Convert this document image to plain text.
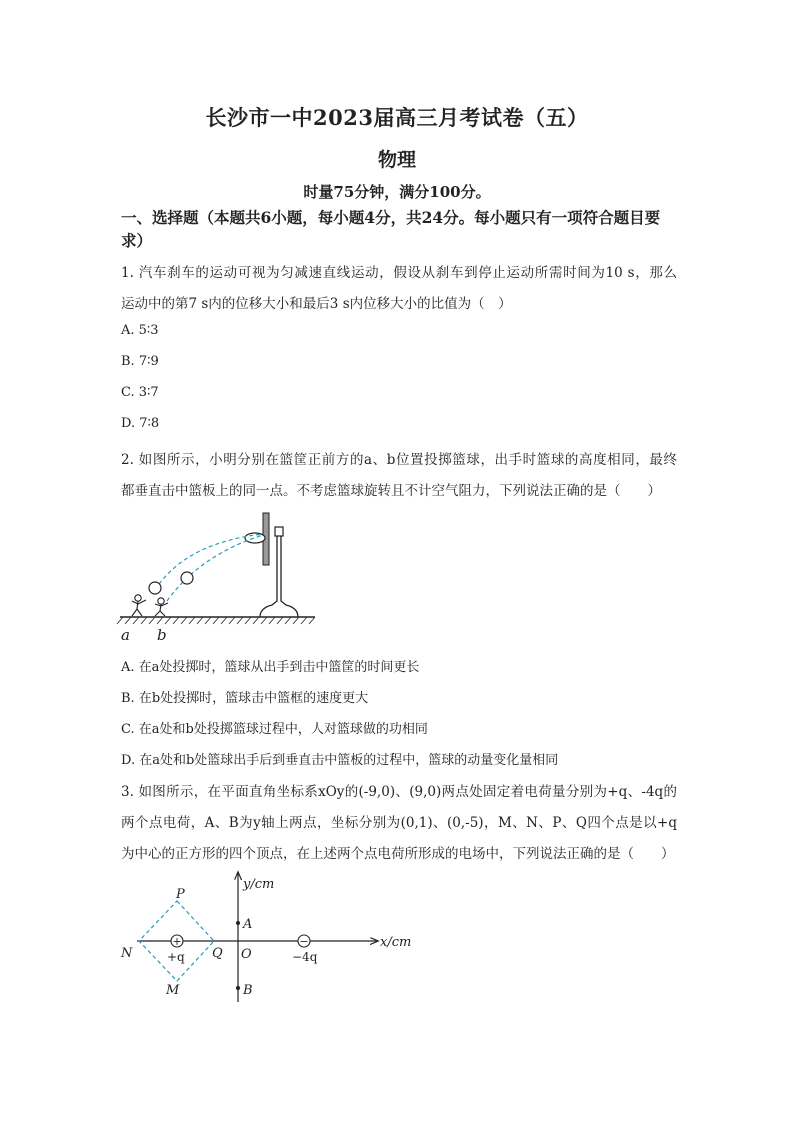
长沙市一中2023届高三月考试卷（五）
物理
时量75分钟，满分100分。
一、选择题（本题共6小题，每小题4分，共24分。每小题只有一项符合题目要求）
1. 汽车刹车的运动可视为匀减速直线运动，假设从刹车到停止运动所需时间为10 s，那么
运动中的第7 s内的位移大小和最后3 s内位移大小的比值为（　）
A. 5∶3
B. 7∶9
C. 3∶7
D. 7∶8
2. 如图所示，小明分别在篮筐正前方的a、b位置投掷篮球，出手时篮球的高度相同，最终
都垂直击中篮板上的同一点。不考虑篮球旋转且不计空气阻力，下列说法正确的是（　　）
a b
A. 在a处投掷时，篮球从出手到击中篮筐的时间更长
B. 在b处投掷时，篮球击中篮框的速度更大
C. 在a处和b处投掷篮球过程中，人对篮球做的功相同
D. 在a处和b处篮球出手后到垂直击中篮板的过程中，篮球的动量变化量相同
3. 如图所示，在平面直角坐标系xOy的(-9,0)、(9,0)两点处固定着电荷量分别为+q、-4q的
两个点电荷，A、B为y轴上两点，坐标分别为(0,1)、(0,-5)，M、N、P、Q四个点是以+q
为中心的正方形的四个顶点，在上述两个点电荷所形成的电场中，下列说法正确的是（　　）
+	−
y/cm
x/cm
P
N	Q
M
O
A
B
+q	−4q
